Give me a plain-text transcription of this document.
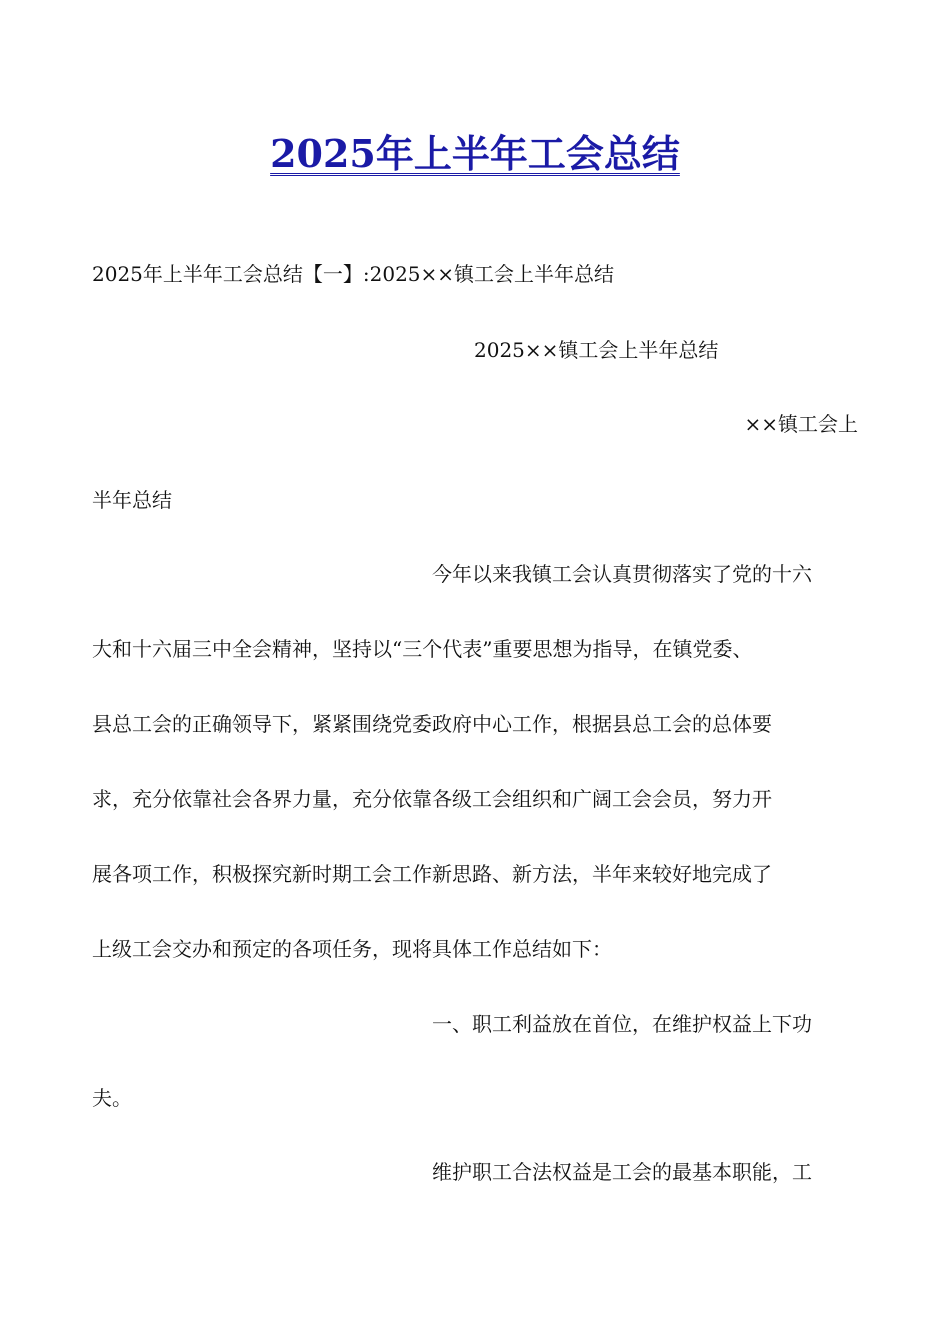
2025年上半年工会总结

2025年上半年工会总结【一】:2025××镇工会上半年总结

2025××镇工会上半年总结

××镇工会上

半年总结

今年以来我镇工会认真贯彻落实了党的十六

大和十六届三中全会精神，坚持以“三个代表”重要思想为指导，在镇党委、

县总工会的正确领导下，紧紧围绕党委政府中心工作，根据县总工会的总体要

求，充分依靠社会各界力量，充分依靠各级工会组织和广阔工会会员，努力开

展各项工作，积极探究新时期工会工作新思路、新方法，半年来较好地完成了

上级工会交办和预定的各项任务，现将具体工作总结如下：

一、职工利益放在首位，在维护权益上下功

夫。

维护职工合法权益是工会的最基本职能，工
